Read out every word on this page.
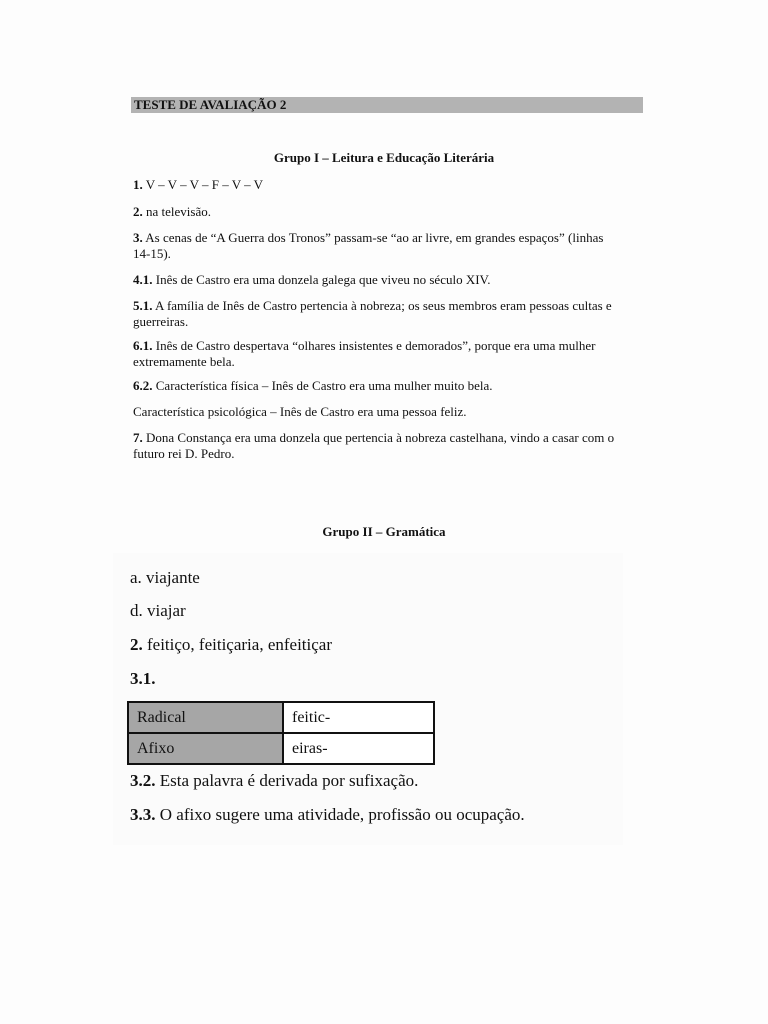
TESTE DE AVALIAÇÃO 2
Grupo I – Leitura e Educação Literária
1. V – V – V – F – V – V
2. na televisão.
3. As cenas de “A Guerra dos Tronos” passam-se “ao ar livre, em grandes espaços” (linhas 14-15).
4.1. Inês de Castro era uma donzela galega que viveu no século XIV.
5.1. A família de Inês de Castro pertencia à nobreza; os seus membros eram pessoas cultas e guerreiras.
6.1. Inês de Castro despertava “olhares insistentes e demorados”, porque era uma mulher extremamente bela.
6.2. Característica física – Inês de Castro era uma mulher muito bela.
Característica psicológica – Inês de Castro era uma pessoa feliz.
7. Dona Constança era uma donzela que pertencia à nobreza castelhana, vindo a casar com o futuro rei D. Pedro.
Grupo II – Gramática
a. viajante
d. viajar
2. feitiço, feitiçaria, enfeitiçar
3.1.
Radical	feitic-
Afixo	eiras-
3.2. Esta palavra é derivada por sufixação.
3.3. O afixo sugere uma atividade, profissão ou ocupação.
